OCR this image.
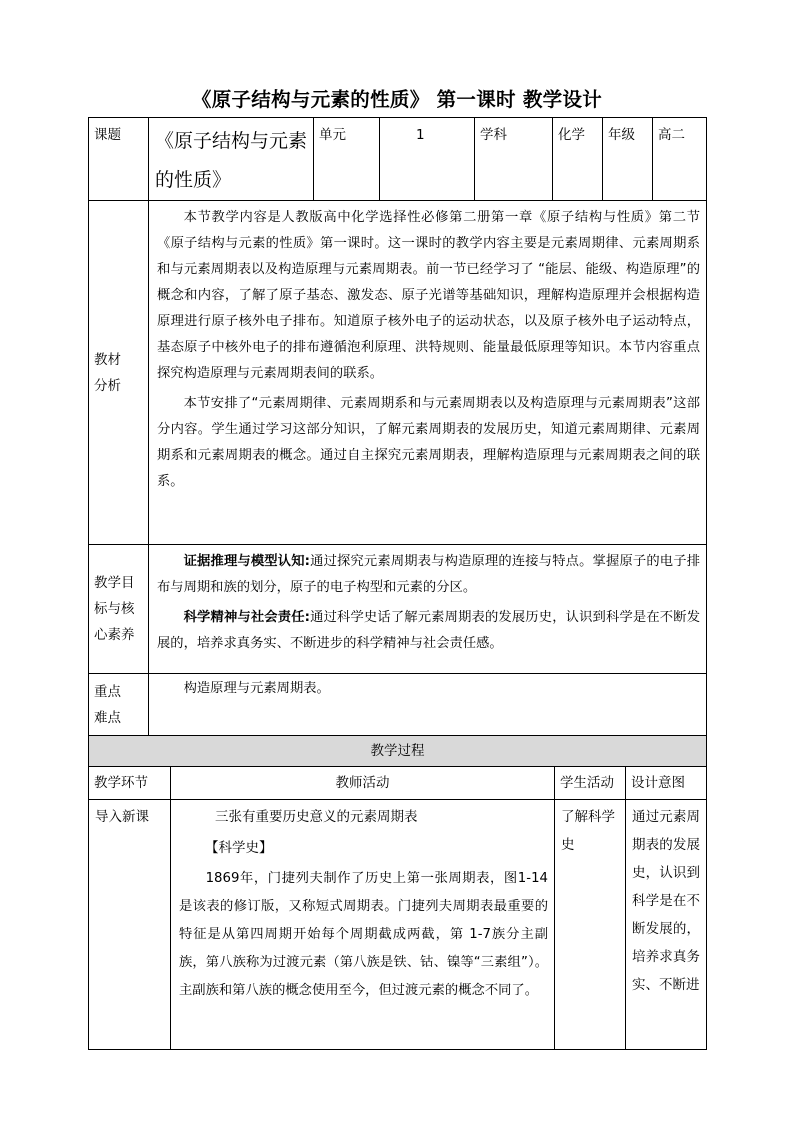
《原子结构与元素的性质》 第一课时 教学设计
课题	《原子结构与元素的性质》	单元	1	学科	化学	年级	高二

教材分析	本节教学内容是人教版高中化学选择性必修第二册第一章《原子结构与性质》第二节《原子结构与元素的性质》第一课时。这一课时的教学内容主要是元素周期律、元素周期系和与元素周期表以及构造原理与元素周期表。前一节已经学习了 “能层、能级、构造原理”的概念和内容，了解了原子基态、激发态、原子光谱等基础知识，理解构造原理并会根据构造原理进行原子核外电子排布。知道原子核外电子的运动状态，以及原子核外电子运动特点，基态原子中核外电子的排布遵循泡利原理、洪特规则、能量最低原理等知识。本节内容重点探究构造原理与元素周期表间的联系。
本节安排了“元素周期律、元素周期系和与元素周期表以及构造原理与元素周期表”这部分内容。学生通过学习这部分知识，了解元素周期表的发展历史，知道元素周期律、元素周期系和元素周期表的概念。通过自主探究元素周期表，理解构造原理与元素周期表之间的联系。						

教学目标与核心素养	证据推理与模型认知:通过探究元素周期表与构造原理的连接与特点。掌握原子的电子排布与周期和族的划分，原子的电子构型和元素的分区。
科学精神与社会责任:通过科学史话了解元素周期表的发展历史，认识到科学是在不断发展的，培养求真务实、不断进步的科学精神与社会责任感。						

重点难点	构造原理与元素周期表。						
教学过程			

教学环节	教师活动	学生活动	设计意图

导入新课	三张有重要历史意义的元素周期表
【科学史】
1869年，门捷列夫制作了历史上第一张周期表，图1-14是该表的修订版，又称短式周期表。门捷列夫周期表最重要的特征是从第四周期开始每个周期截成两截，第 1-7族分主副族，第八族称为过渡元素（第八族是铁、钴、镍等“三素组”）。主副族和第八族的概念使用至今，但过渡元素的概念不同了。	了解科学史	通过元素周期表的发展史，认识到科学是在不断发展的，培养求真务实、不断进
